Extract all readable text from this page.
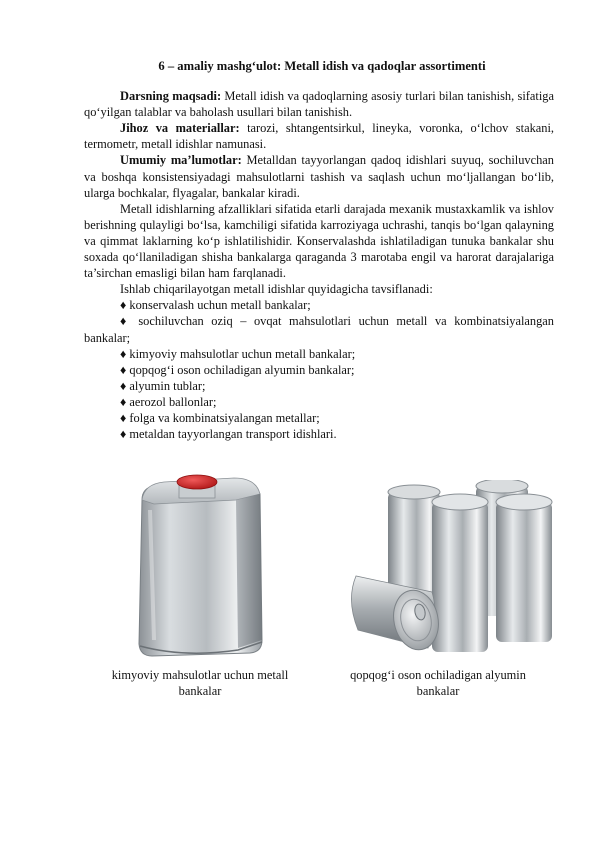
6 – amaliy mashg‘ulot: Metall idish va qadoqlar assortimenti

Darsning maqsadi: Metall idish va qadoqlarning asosiy turlari bilan tanishish, sifatiga qo‘yilgan talablar va baholash usullari bilan tanishish.

Jihoz va materiallar: tarozi, shtangentsirkul, lineyka, voronka, o‘lchov stakani, termometr, metall idishlar namunasi.

Umumiy ma’lumotlar: Metalldan tayyorlangan qadoq idishlari suyuq, sochiluvchan va boshqa konsistensiyadagi mahsulotlarni tashish va saqlash uchun mo‘ljallangan bo‘lib, ularga bochkalar, flyagalar, bankalar kiradi.

Metall idishlarning afzalliklari sifatida etarli darajada mexanik mustaxkamlik va ishlov berishning qulayligi bo‘lsa, kamchiligi sifatida karroziyaga uchrashi, tanqis bo‘lgan qalayning va qimmat laklarning ko‘p ishlatilishidir. Konservalashda ishlatiladigan tunuka bankalar shu soxada qo‘llaniladigan shisha bankalarga qaraganda 3 marotaba engil va harorat darajalariga ta’sirchan emasligi bilan ham farqlanadi.

Ishlab chiqarilayotgan metall idishlar quyidagicha tavsiflanadi:

♦ konservalash uchun metall bankalar;

♦ sochiluvchan oziq – ovqat mahsulotlari uchun metall va kombinatsiyalangan bankalar;

♦ kimyoviy mahsulotlar uchun metall bankalar;

♦ qopqog‘i oson ochiladigan alyumin bankalar;

♦ alyumin tublar;

♦ aerozol ballonlar;

♦ folga va kombinatsiyalangan metallar;

♦ metaldan tayyorlangan transport idishlari.

kimyoviy mahsulotlar uchun metall bankalar
qopqog‘i oson ochiladigan alyumin bankalar
